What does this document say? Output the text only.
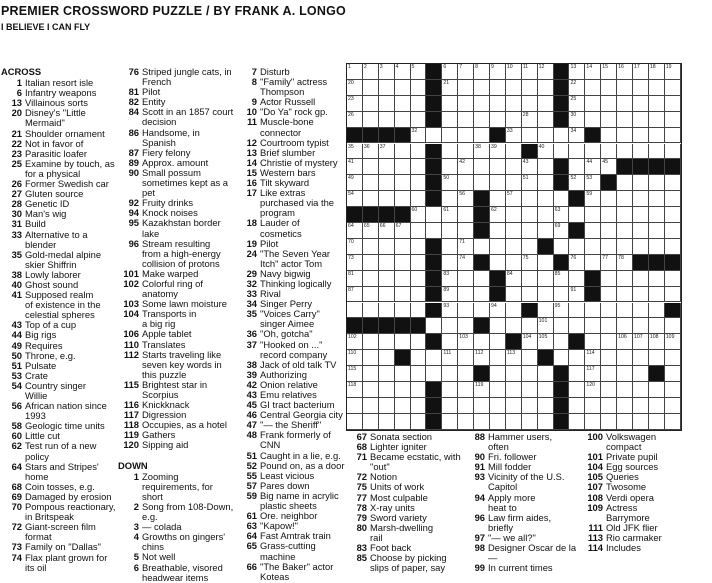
PREMIER CROSSWORD PUZZLE / BY FRANK A. LONGO
I BELIEVE I CAN FLY
ACROSS
1 Italian resort isle
6 Infantry weapons
13 Villainous sorts
20 Disney's "Little
Mermaid"
21 Shoulder ornament
22 Not in favor of
23 Parasitic loafer
25 Examine by touch, as
for a physical
26 Former Swedish car
27 Gluten source
28 Genetic ID
30 Man's wig
31 Build
33 Alternative to a
blender
35 Gold-medal alpine
skier Shiffrin
38 Lowly laborer
40 Ghost sound
41 Supposed realm
of existence in the
celestial spheres
43 Top of a cup
44 Big rigs
49 Requires
50 Throne, e.g.
51 Pulsate
53 Crate
54 Country singer
Willie
56 African nation since
1993
58 Geologic time units
60 Little cut
62 Test run of a new
policy
64 Stars and Stripes'
home
68 Coin tosses, e.g.
69 Damaged by erosion
70 Pompous reactionary,
in Britspeak
72 Giant-screen film
format
73 Family on "Dallas"
74 Flax plant grown for
its oil
76 Striped jungle cats, in
French
81 Pilot
82 Entity
84 Scott in an 1857 court
decision
86 Handsome, in Spanish
87 Fiery felony
89 Approx. amount
90 Small possum
sometimes kept as a
pet
92 Fruity drinks
94 Knock noises
95 Kazakhstan border
lake
96 Stream resulting
from a high-energy
collision of protons
101 Make warped
102 Colorful ring of
anatomy
103 Some lawn moisture
104 Transports in
a big rig
106 Apple tablet
110 Translates
112 Starts traveling like
seven key words in
this puzzle
115 Brightest star in
Scorpius
116 Knickknack
117 Digression
118 Occupies, as a hotel
119 Gathers
120 Sipping aid
DOWN
1 Zooming
requirements, for
short
2 Song from 108-Down,
e.g.
3 — colada
4 Growths on gingers'
chins
5 Not well
6 Breathable, visored
headwear items
7 Disturb
8 "Family" actress
Thompson
9 Actor Russell
10 "Do Ya" rock gp.
11 Muscle-bone
connector
12 Courtroom typist
13 Brief slumber
14 Christie of mystery
15 Western bars
16 Tilt skyward
17 Like extras
purchased via the
program
18 Lauder of
cosmetics
19 Pilot
24 "The Seven Year
Itch" actor Tom
29 Navy bigwig
32 Thinking logically
33 Rival
34 Singer Perry
35 "Voices Carry"
singer Aimee
36 "Oh, gotcha"
37 "Hooked on ..."
record company
38 Jack of old talk TV
39 Authorizing
42 Onion relative
43 Emu relatives
45 GI tract bacterium
46 Central Georgia city
47 "— the Sheriff"
48 Frank formerly of
CNN
51 Caught in a lie, e.g.
52 Pound on, as a door
55 Least vicious
57 Pares down
59 Big name in acrylic
plastic sheets
61 Ore. neighbor
63 "Kapow!"
64 Fast Amtrak train
65 Grass-cutting machine
66 "The Baker" actor
Koteas
67 Sonata section
68 Lighter igniter
71 Became ecstatic, with
"out"
72 Notion
75 Units of work
77 Most culpable
78 X-ray units
79 Sword variety
80 Marsh-dwelling
rail
83 Foot back
85 Choose by picking
slips of paper, say
88 Hammer users,
often
90 Fri. follower
91 Mill fodder
93 Vicinity of the U.S.
Capitol
94 Apply more
heat to
96 Law firm aides,
briefly
97 "— we all?"
98 Designer Oscar de la
—
99 In current times
100 Volkswagen
compact
101 Private pupil
104 Egg sources
105 Queries
107 Twosome
108 Verdi opera
109 Actress
Barrymore
111 Old JFK flier
113 Rio carmaker
114 Includes
1 2	3	4	5	6	7	8	9	10 11 12	13 14 15 16 17 18 19
20	21	22
23	25
26	28	30
32	33	34
35 36 37	38 39	40
41	42	43	44 45
49	50	51	52 53
54	56	57	59
60	61	62	63
64 65 66 67	69
70	71
73	74	75	76	77 78
81	83	84	85
87	89	91
93	94	95
101
102	103	104 105	106 107 108 109
110	111	112	113	114
115	117
118	119	120
